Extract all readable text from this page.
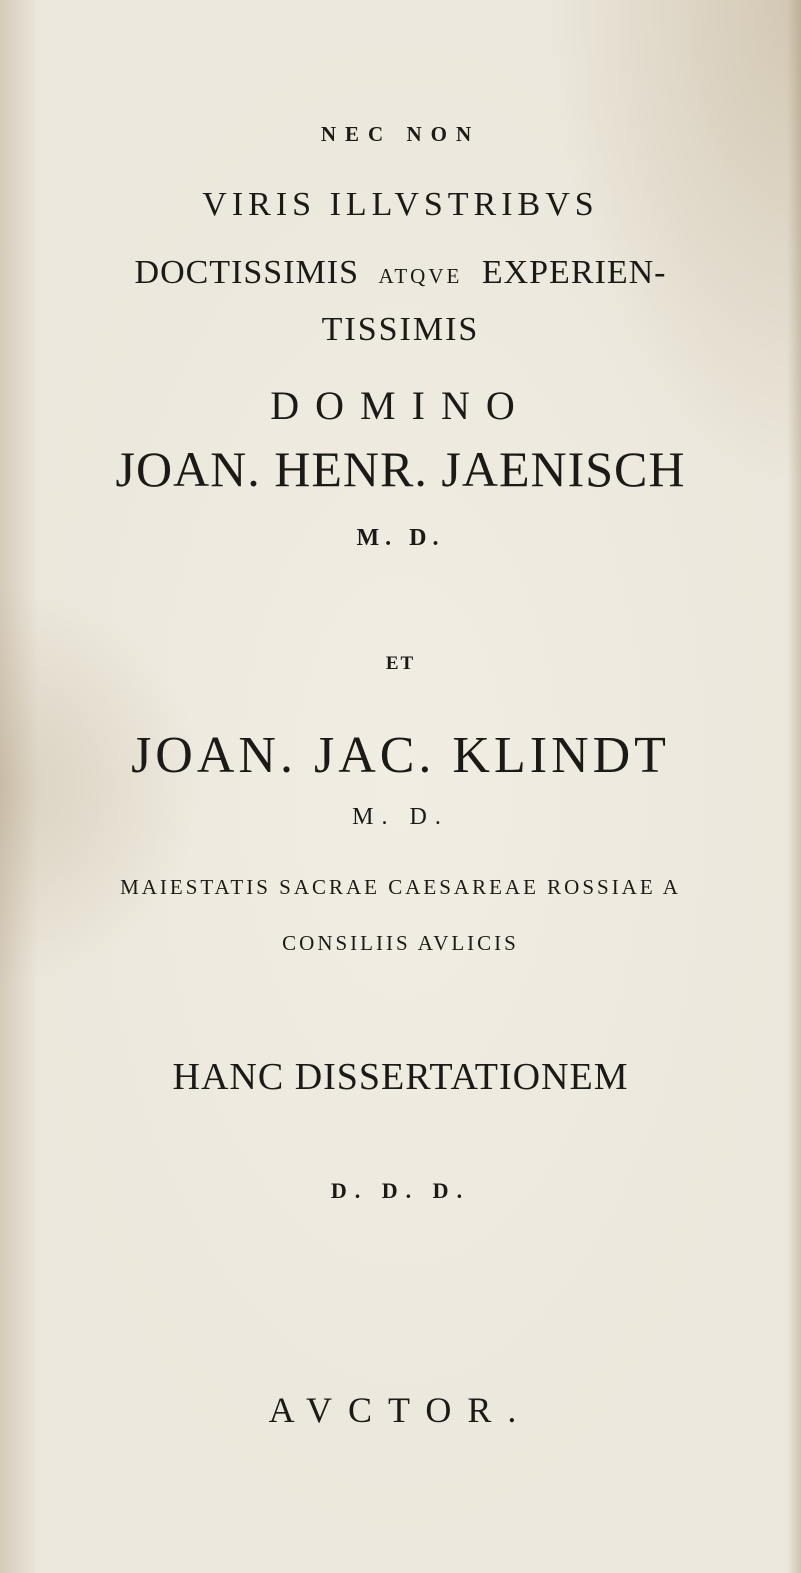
NEC NON
VIRIS ILLVSTRIBVS
DOCTISSIMIS ATQVE EXPERIEN-
TISSIMIS
DOMINO
JOAN. HENR. JAENISCH
M. D.
ET
JOAN. JAC. KLINDT
M. D.
MAIESTATIS SACRAE CAESAREAE ROSSIAE A
CONSILIIS AVLICIS
HANC DISSERTATIONEM
D. D. D.
AVCTOR.
